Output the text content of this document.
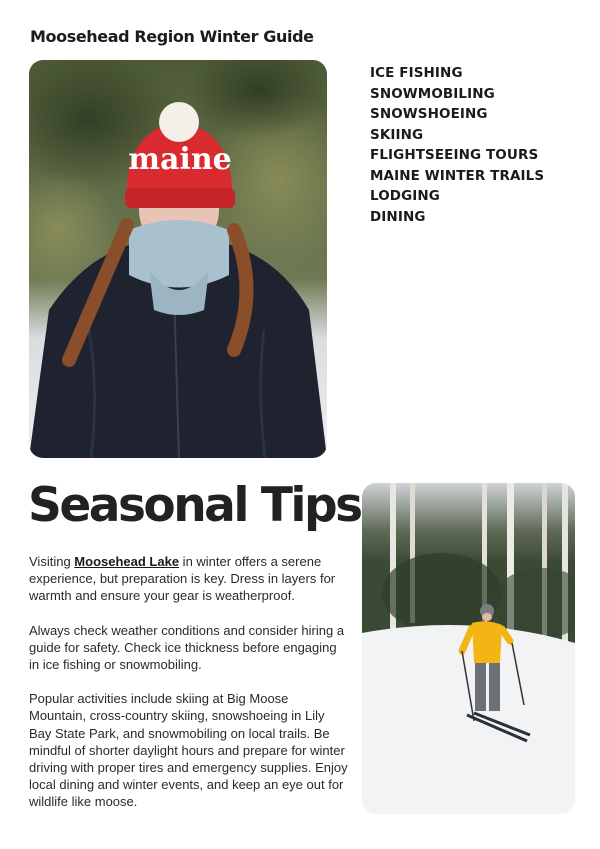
Moosehead Region Winter Guide
maine
ICE FISHING
SNOWMOBILING
SNOWSHOEING
SKIING
FLIGHTSEEING TOURS
MAINE WINTER TRAILS
LODGING
DINING
Seasonal Tips

Visiting Moosehead Lake in winter offers a serene experience, but preparation is key. Dress in layers for warmth and ensure your gear is weatherproof.

Always check weather conditions and consider hiring a guide for safety. Check ice thickness before engaging in ice fishing or snowmobiling.

Popular activities include skiing at Big Moose Mountain, cross-country skiing, snowshoeing in Lily Bay State Park, and snowmobiling on local trails. Be mindful of shorter daylight hours and prepare for winter driving with proper tires and emergency supplies. Enjoy local dining and winter events, and keep an eye out for wildlife like moose.
